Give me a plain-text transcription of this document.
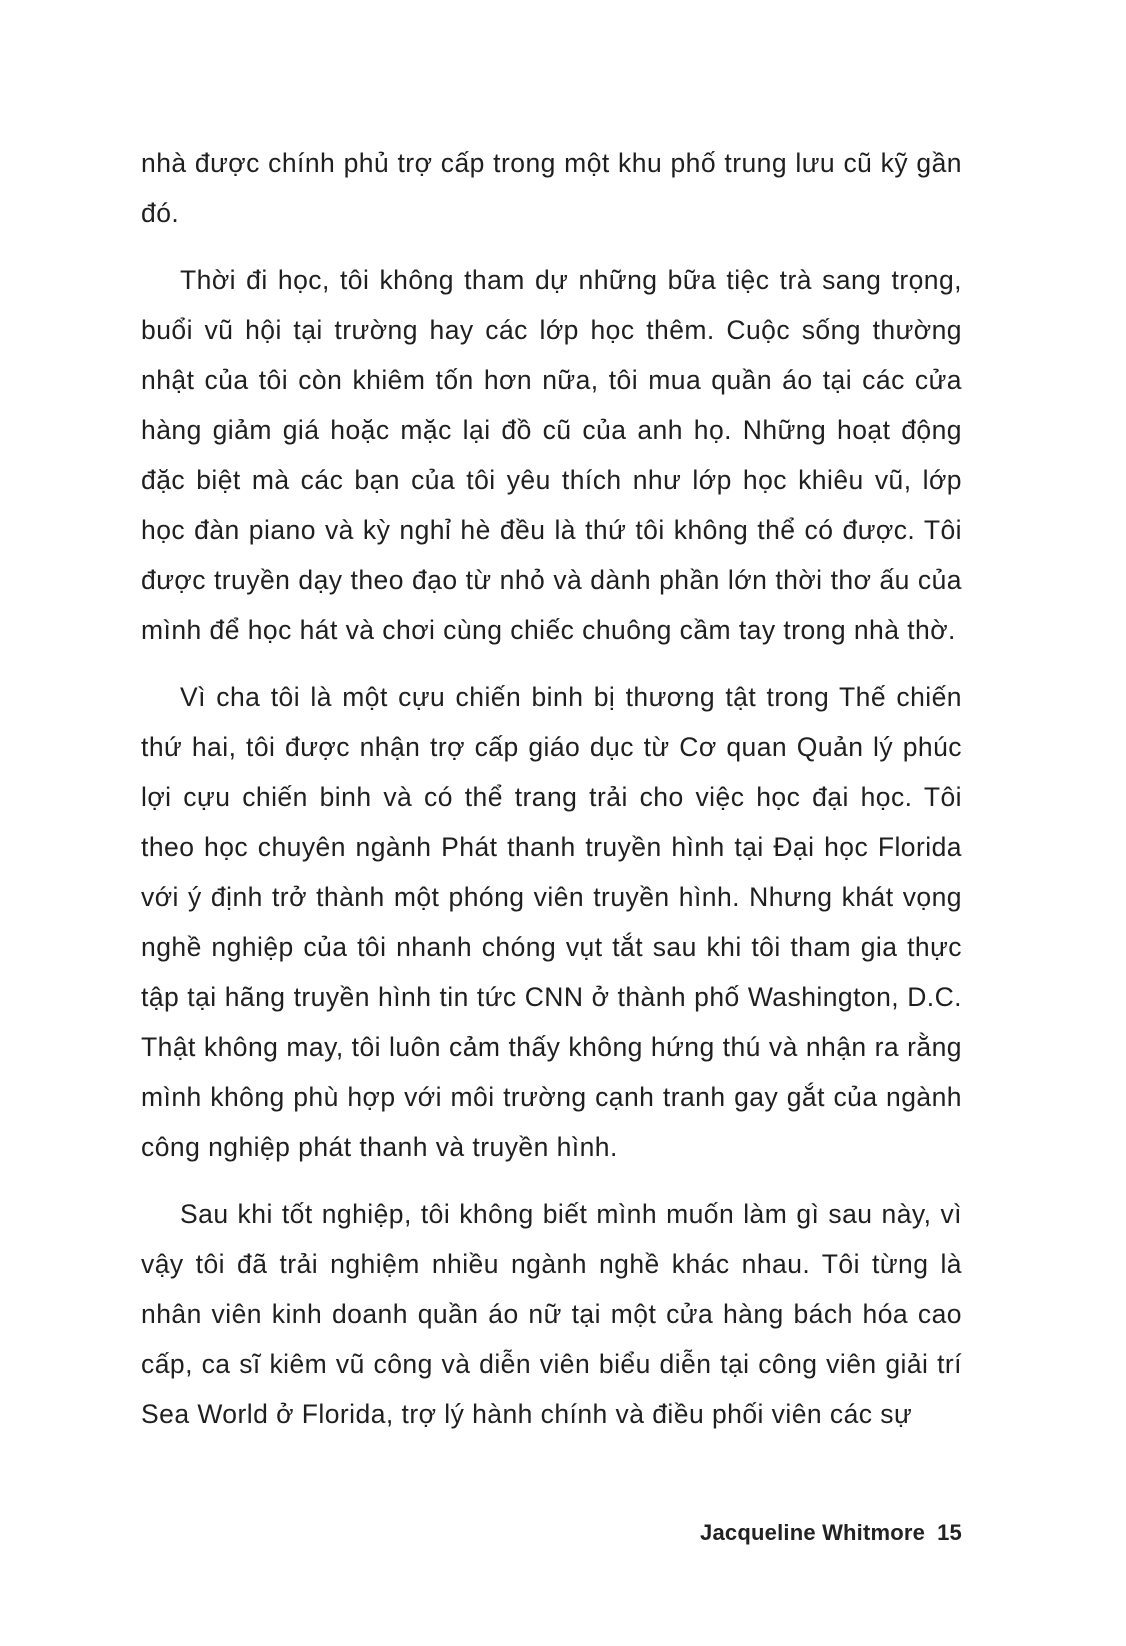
nhà được chính phủ trợ cấp trong một khu phố trung lưu cũ kỹ gần đó.

Thời đi học, tôi không tham dự những bữa tiệc trà sang trọng, buổi vũ hội tại trường hay các lớp học thêm. Cuộc sống thường nhật của tôi còn khiêm tốn hơn nữa, tôi mua quần áo tại các cửa hàng giảm giá hoặc mặc lại đồ cũ của anh họ. Những hoạt động đặc biệt mà các bạn của tôi yêu thích như lớp học khiêu vũ, lớp học đàn piano và kỳ nghỉ hè đều là thứ tôi không thể có được. Tôi được truyền dạy theo đạo từ nhỏ và dành phần lớn thời thơ ấu của mình để học hát và chơi cùng chiếc chuông cầm tay trong nhà thờ.

Vì cha tôi là một cựu chiến binh bị thương tật trong Thế chiến thứ hai, tôi được nhận trợ cấp giáo dục từ Cơ quan Quản lý phúc lợi cựu chiến binh và có thể trang trải cho việc học đại học. Tôi theo học chuyên ngành Phát thanh truyền hình tại Đại học Florida với ý định trở thành một phóng viên truyền hình. Nhưng khát vọng nghề nghiệp của tôi nhanh chóng vụt tắt sau khi tôi tham gia thực tập tại hãng truyền hình tin tức CNN ở thành phố Washington, D.C. Thật không may, tôi luôn cảm thấy không hứng thú và nhận ra rằng mình không phù hợp với môi trường cạnh tranh gay gắt của ngành công nghiệp phát thanh và truyền hình.

Sau khi tốt nghiệp, tôi không biết mình muốn làm gì sau này, vì vậy tôi đã trải nghiệm nhiều ngành nghề khác nhau. Tôi từng là nhân viên kinh doanh quần áo nữ tại một cửa hàng bách hóa cao cấp, ca sĩ kiêm vũ công và diễn viên biểu diễn tại công viên giải trí Sea World ở Florida, trợ lý hành chính và điều phối viên các sự

Jacqueline Whitmore 15
